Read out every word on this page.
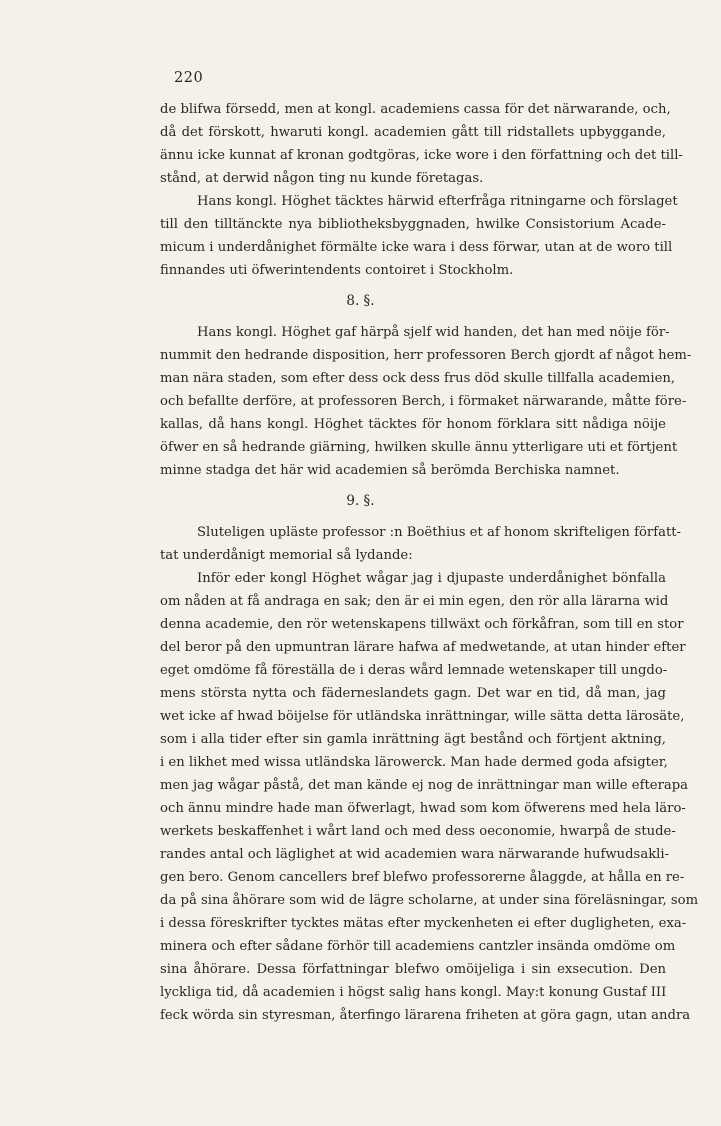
220
de blifwa försedd, men at kongl. academiens cassa för det närwarande, och,
då det förskott, hwaruti kongl. academien gått till ridstallets upbyggande,
ännu icke kunnat af kronan godtgöras, icke wore i den författning och det till-
stånd, at derwid någon ting nu kunde företagas.
Hans kongl. Höghet täcktes härwid efterfråga ritningarne och förslaget
till den tilltänckte nya bibliotheksbyggnaden, hwilke Consistorium Acade-
micum i underdånighet förmälte icke wara i dess förwar, utan at de woro till
finnandes uti öfwerintendents contoiret i Stockholm.
8. §.
Hans kongl. Höghet gaf härpå sjelf wid handen, det han med nöije för-
nummit den hedrande disposition, herr professoren Berch gjordt af något hem-
man nära staden, som efter dess ock dess frus död skulle tillfalla academien,
och befallte derföre, at professoren Berch, i förmaket närwarande, måtte före-
kallas, då hans kongl. Höghet täcktes för honom förklara sitt nådiga nöije
öfwer en så hedrande giärning, hwilken skulle ännu ytterligare uti et förtjent
minne stadga det här wid academien så berömda Berchiska namnet.
9. §.
Sluteligen upläste professor :n Boëthius et af honom skrifteligen författ-
tat underdånigt memorial så lydande:
Inför eder kongl Höghet wågar jag i djupaste underdånighet bönfalla
om nåden at få andraga en sak; den är ei min egen, den rör alla lärarna wid
denna academie, den rör wetenskapens tillwäxt och förkåfran, som till en stor
del beror på den upmuntran lärare hafwa af medwetande, at utan hinder efter
eget omdöme få föreställa de i deras wård lemnade wetenskaper till ungdo-
mens största nytta och fäderneslandets gagn. Det war en tid, då man, jag
wet icke af hwad böijelse för utländska inrättningar, wille sätta detta lärosäte,
som i alla tider efter sin gamla inrättning ägt bestånd och förtjent aktning,
i en likhet med wissa utländska lärowerck. Man hade dermed goda afsigter,
men jag wågar påstå, det man kände ej nog de inrättningar man wille efterapa
och ännu mindre hade man öfwerlagt, hwad som kom öfwerens med hela läro-
werkets beskaffenhet i wårt land och med dess oeconomie, hwarpå de stude-
randes antal och läglighet at wid academien wara närwarande hufwudsakli-
gen bero. Genom cancellers bref blefwo professorerne ålaggde, at hålla en re-
da på sina åhörare som wid de lägre scholarne, at under sina föreläsningar, som
i dessa föreskrifter tycktes mätas efter myckenheten ei efter dugligheten, exa-
minera och efter sådane förhör till academiens cantzler insända omdöme om
sina åhörare. Dessa författningar blefwo omöijeliga i sin exsecution. Den
lyckliga tid, då academien i högst salig hans kongl. May:t konung Gustaf III
feck wörda sin styresman, återfingo lärarena friheten at göra gagn, utan andra
